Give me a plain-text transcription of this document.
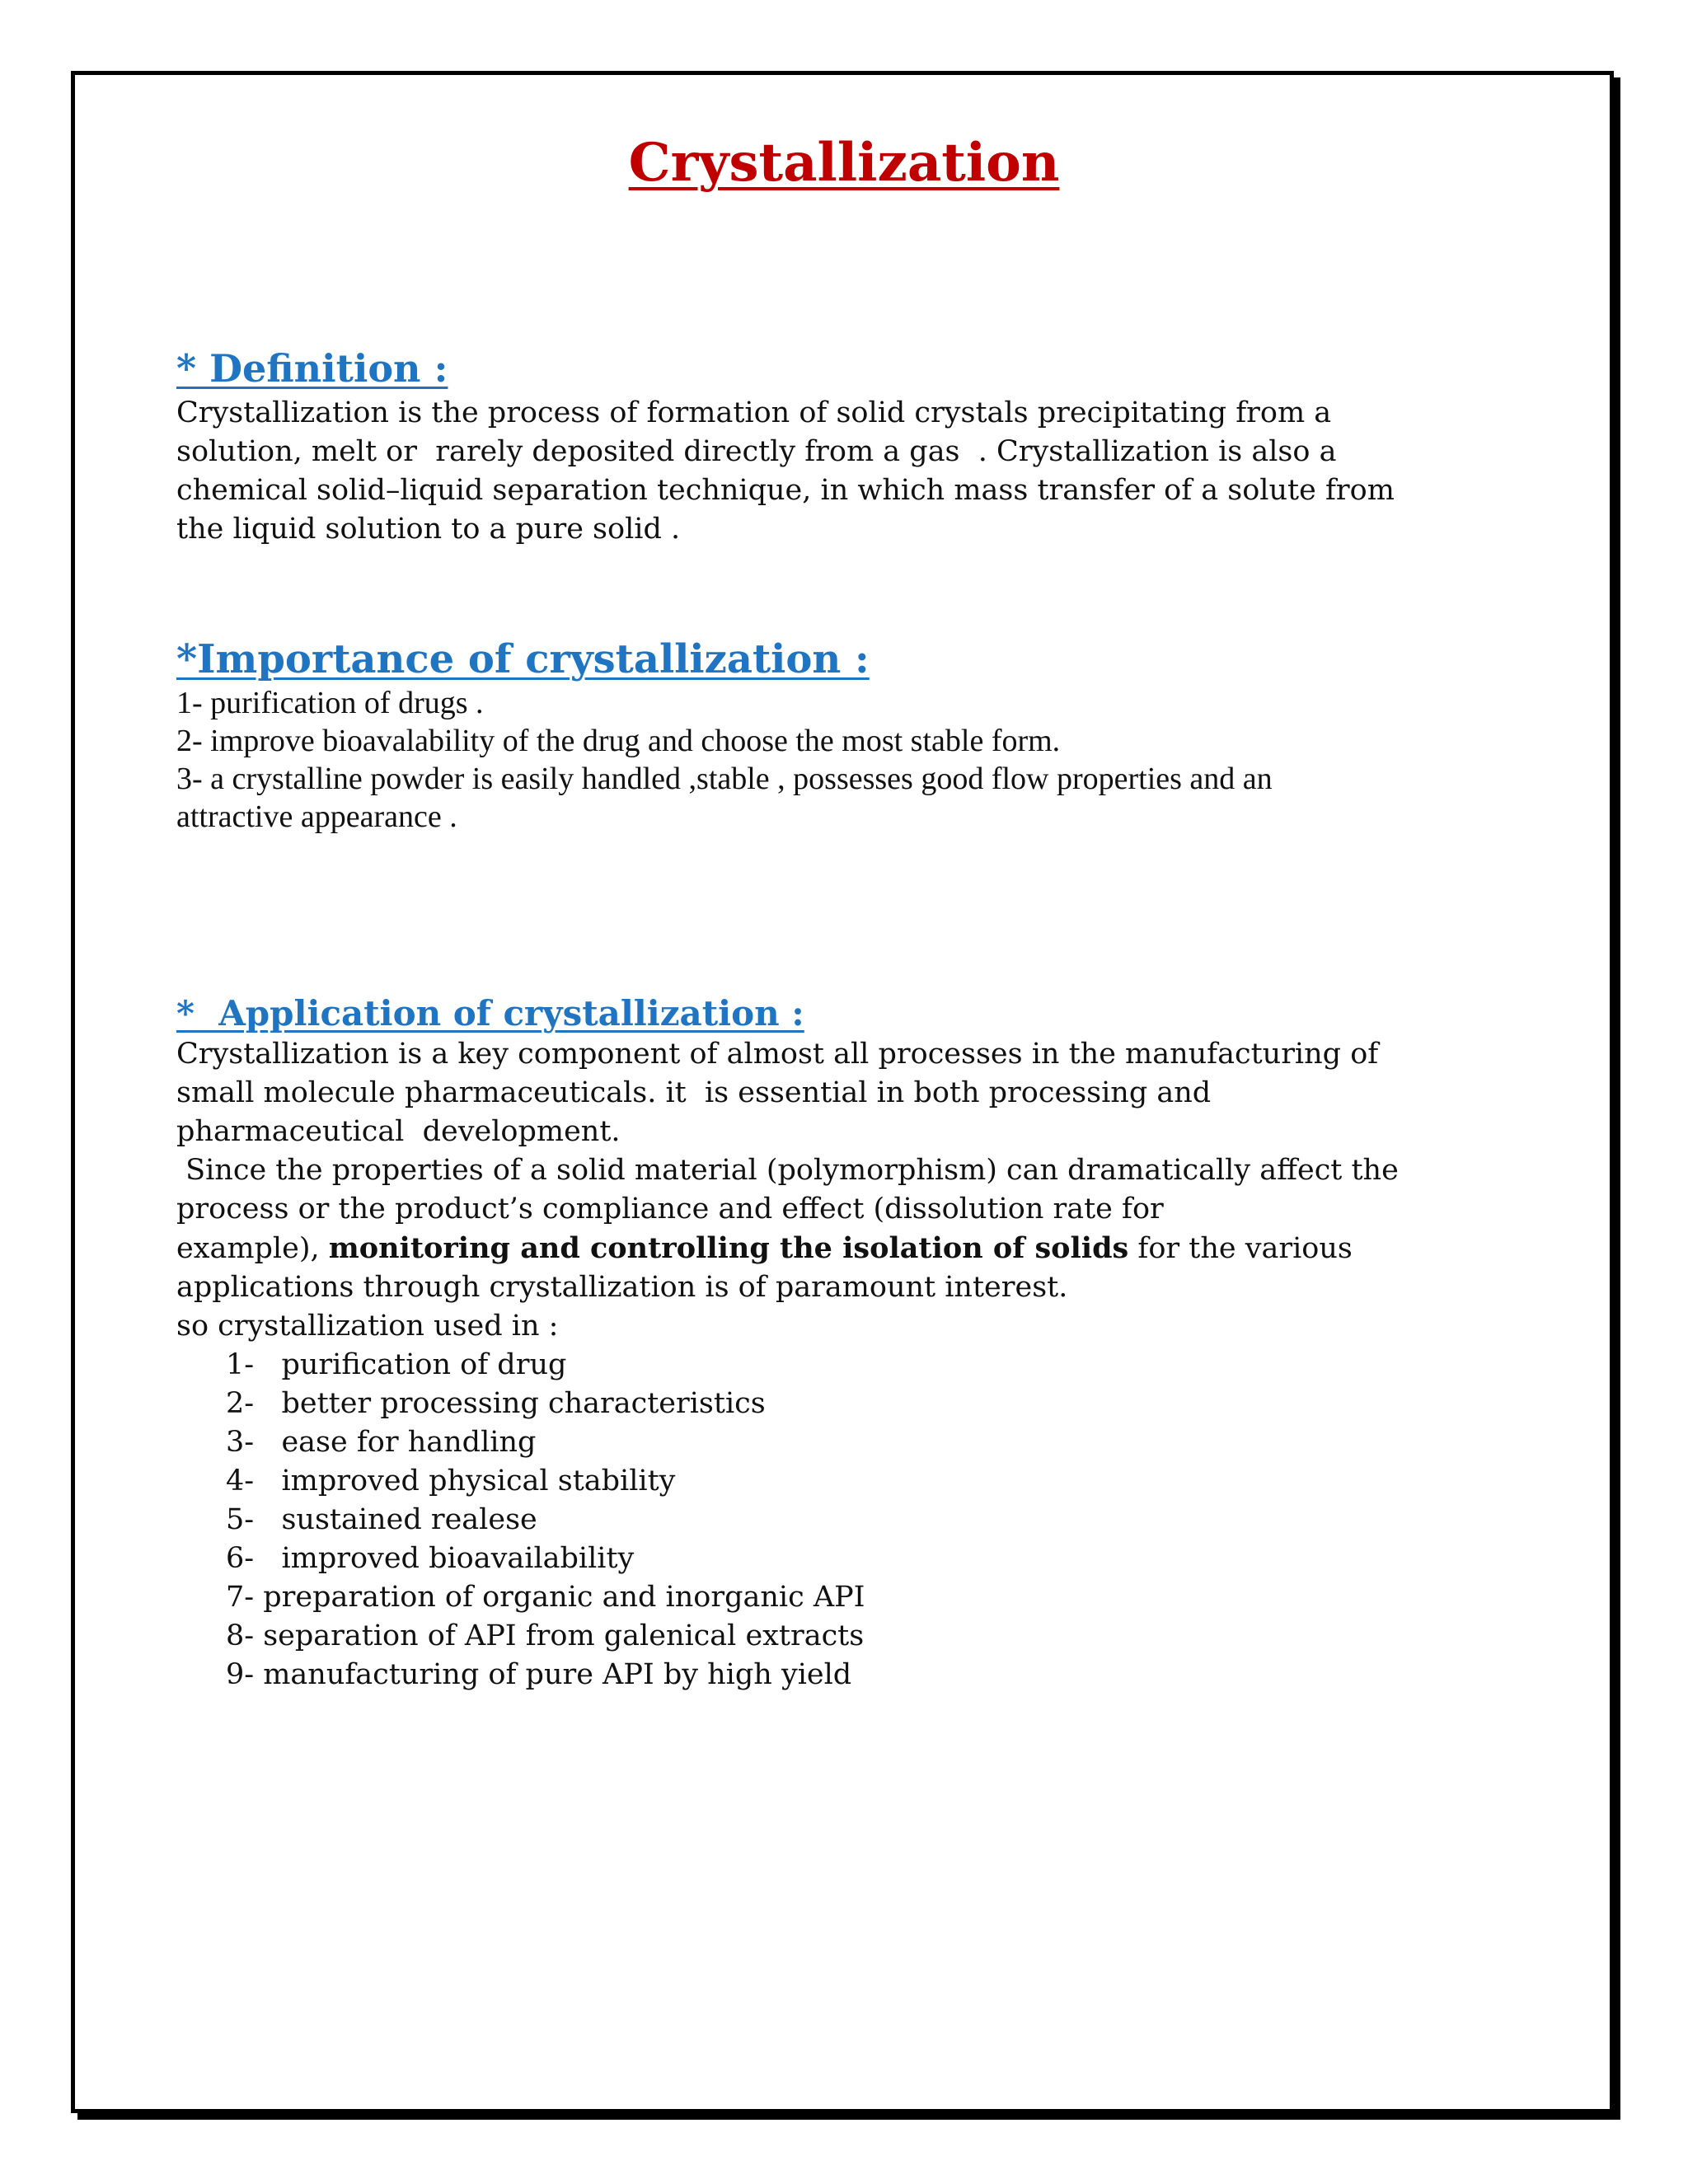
Crystallization
* Definition :

Crystallization is the process of formation of solid crystals precipitating from a
solution, melt or  rarely deposited directly from a gas  . Crystallization is also a
chemical solid–liquid separation technique, in which mass transfer of a solute from
the liquid solution to a pure solid .

*Importance of crystallization :

1- purification of drugs .
2- improve bioavalability of the drug and choose the most stable form.
3- a crystalline powder is easily handled ,stable , possesses good flow properties and an
attractive appearance .

*  Application of crystallization :

Crystallization is a key component of almost all processes in the manufacturing of
small molecule pharmaceuticals. it  is essential in both processing and
pharmaceutical  development.
Since the properties of a solid material (polymorphism) can dramatically affect the
process or the product’s compliance and effect (dissolution rate for
example), monitoring and controlling the isolation of solids for the various
applications through crystallization is of paramount interest.
so crystallization used in :
1-   purification of drug
2-   better processing characteristics
3-   ease for handling
4-   improved physical stability
5-   sustained realese
6-   improved bioavailability
7- preparation of organic and inorganic API
8- separation of API from galenical extracts
9- manufacturing of pure API by high yield
